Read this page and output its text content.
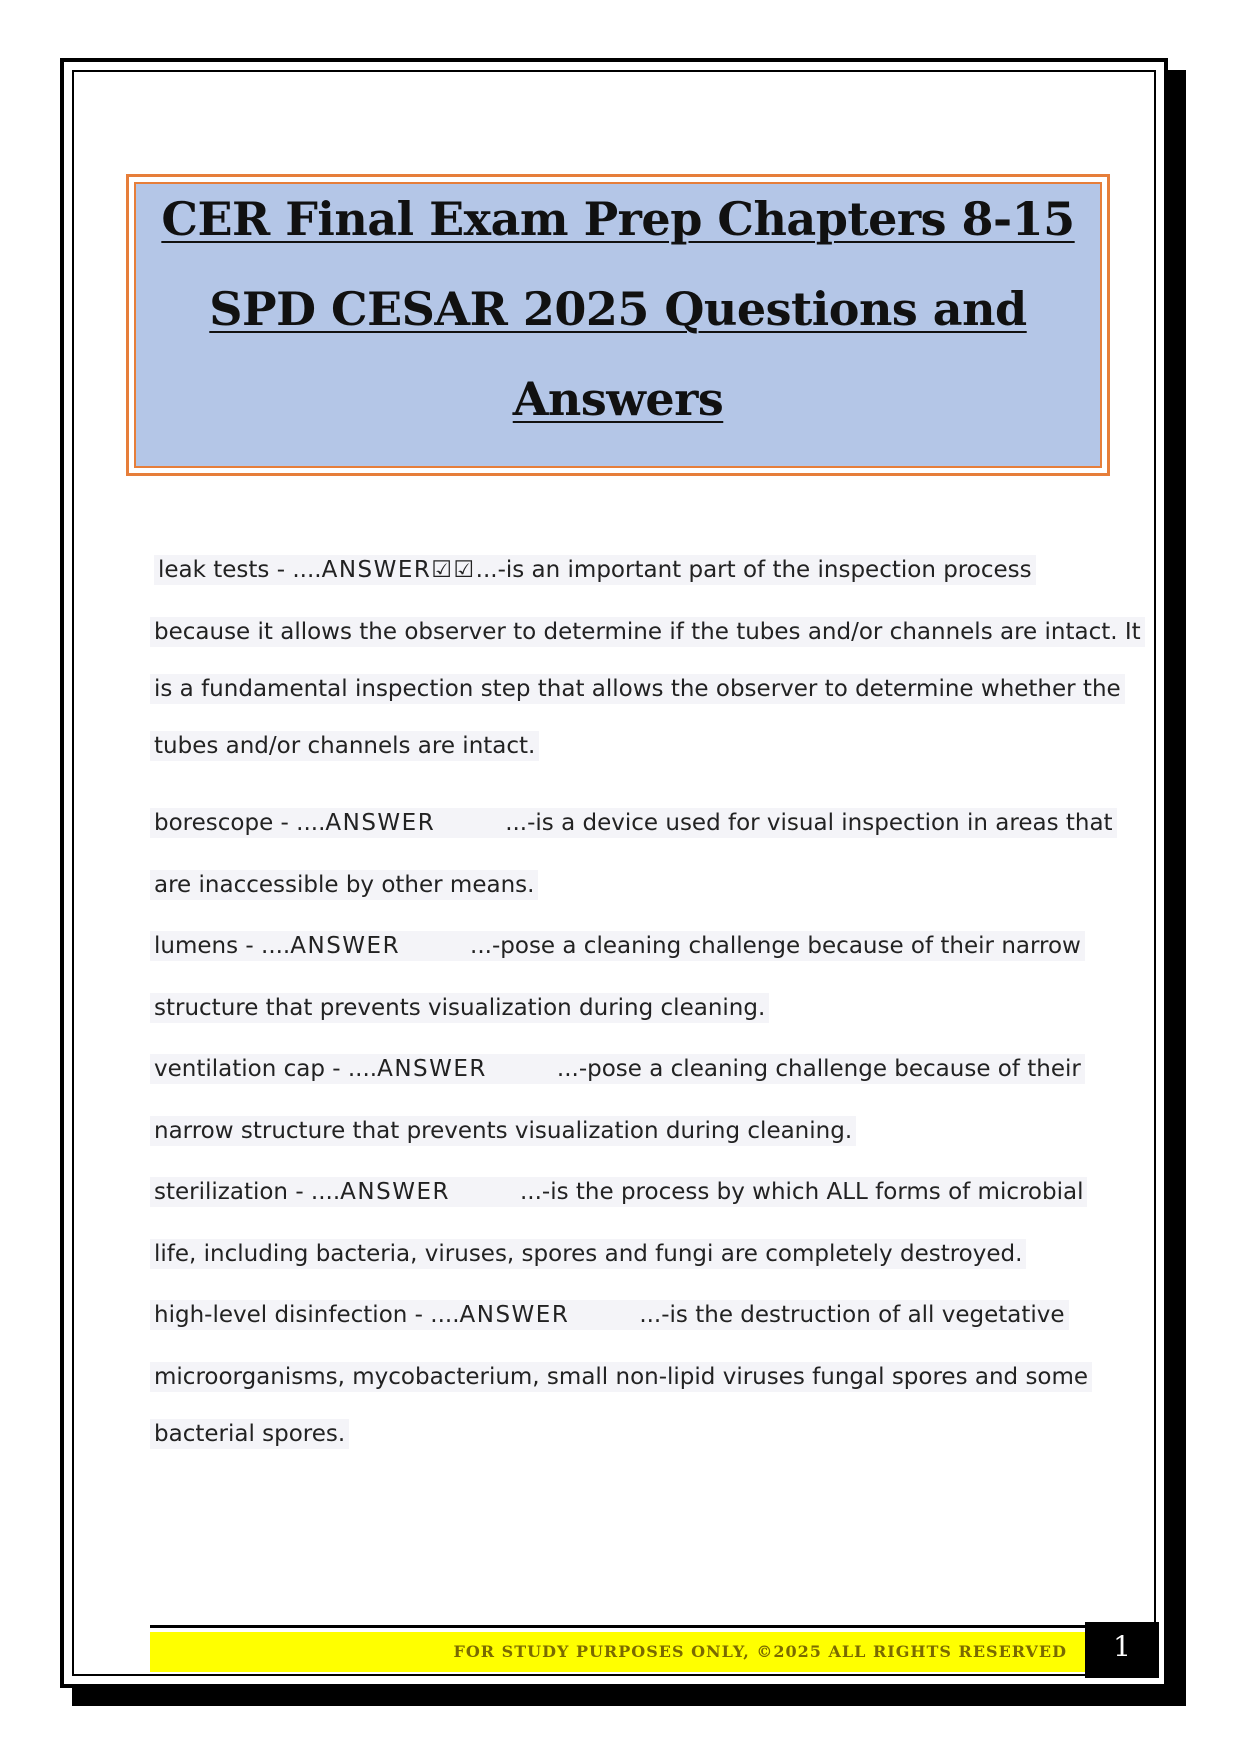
CER Final Exam Prep Chapters 8-15
SPD CESAR 2025 Questions and
Answers
leak tests - ....ANSWER☑☑...-is an important part of the inspection process
because it allows the observer to determine if the tubes and/or channels are intact. It
is a fundamental inspection step that allows the observer to determine whether the
tubes and/or channels are intact.
borescope - ....ANSWER	...-is a device used for visual inspection in areas that
are inaccessible by other means.
lumens - ....ANSWER	...-pose a cleaning challenge because of their narrow
structure that prevents visualization during cleaning.
ventilation cap - ....ANSWER	...-pose a cleaning challenge because of their
narrow structure that prevents visualization during cleaning.
sterilization - ....ANSWER	...-is the process by which ALL forms of microbial
life, including bacteria, viruses, spores and fungi are completely destroyed.
high-level disinfection - ....ANSWER	...-is the destruction of all vegetative
microorganisms, mycobacterium, small non-lipid viruses fungal spores and some
bacterial spores.
FOR STUDY PURPOSES ONLY, ©2025 ALL RIGHTS RESERVED	1
